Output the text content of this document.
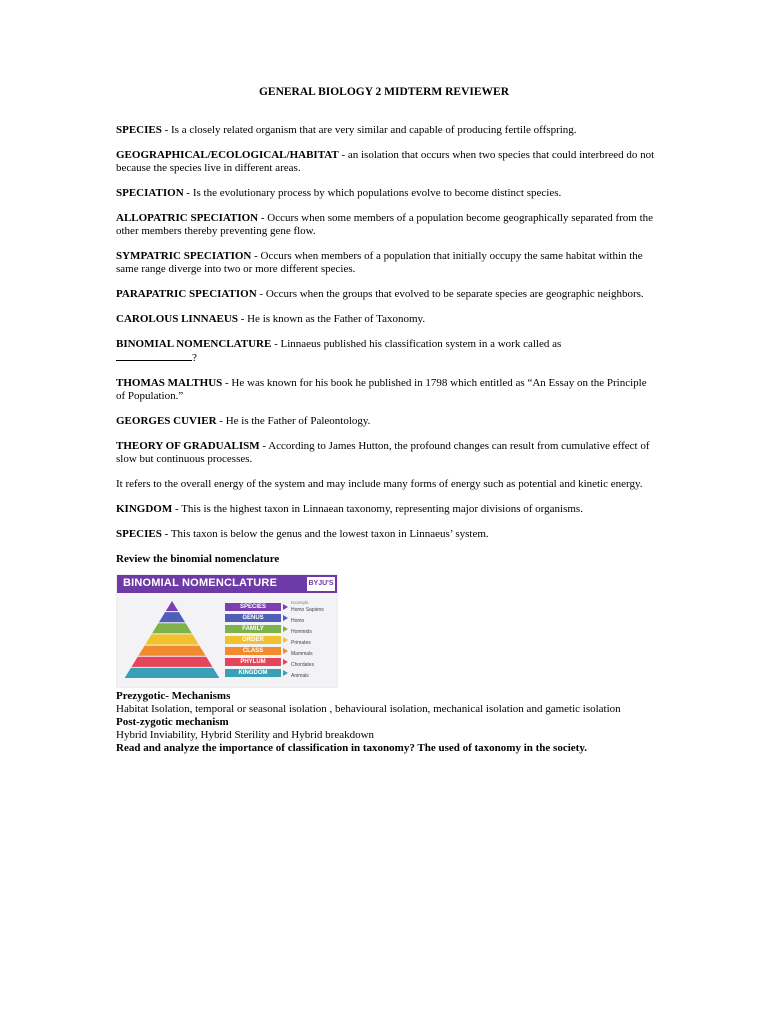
GENERAL BIOLOGY 2 MIDTERM REVIEWER

SPECIES - Is a closely related organism that are very similar and capable of producing fertile offspring.

GEOGRAPHICAL/ECOLOGICAL/HABITAT - an isolation that occurs when two species that could interbreed do not because the species live in different areas.

SPECIATION - Is the evolutionary process by which populations evolve to become distinct species.

ALLOPATRIC SPECIATION - Occurs when some members of a population become geographically separated from the other members thereby preventing gene flow.

SYMPATRIC SPECIATION - Occurs when members of a population that initially occupy the same habitat within the same range diverge into two or more different species.

PARAPATRIC SPECIATION - Occurs when the groups that evolved to be separate species are geographic neighbors.

CAROLOUS LINNAEUS - He is known as the Father of Taxonomy.

BINOMIAL NOMENCLATURE - Linnaeus published his classification system in a work called as
?

THOMAS MALTHUS - He was known for his book he published in 1798 which entitled as “An Essay on the Principle of Population.”

GEORGES CUVIER - He is the Father of Paleontology.

THEORY OF GRADUALISM - According to James Hutton, the profound changes can result from cumulative effect of slow but continuous processes.

It refers to the overall energy of the system and may include many forms of energy such as potential and kinetic energy.

KINGDOM - This is the highest taxon in Linnaean taxonomy, representing major divisions of organisms.

SPECIES - This taxon is below the genus and the lowest taxon in Linnaeus’ system.

Review the binomial nomenclature

BINOMIAL NOMENCLATURE	BYJU'S
Example
SPECIES	Homo Sapiens
GENUS	Homo
FAMILY	Hominids
ORDER	Primates
CLASS	Mammals
PHYLUM	Chordates
KINGDOM	Animals

Prezygotic- Mechanisms

Habitat Isolation, temporal or seasonal isolation , behavioural isolation, mechanical isolation and gametic isolation

Post-zygotic mechanism

Hybrid Inviability, Hybrid Sterility and Hybrid breakdown

Read and analyze the importance of classification in taxonomy? The used of taxonomy in the society.
